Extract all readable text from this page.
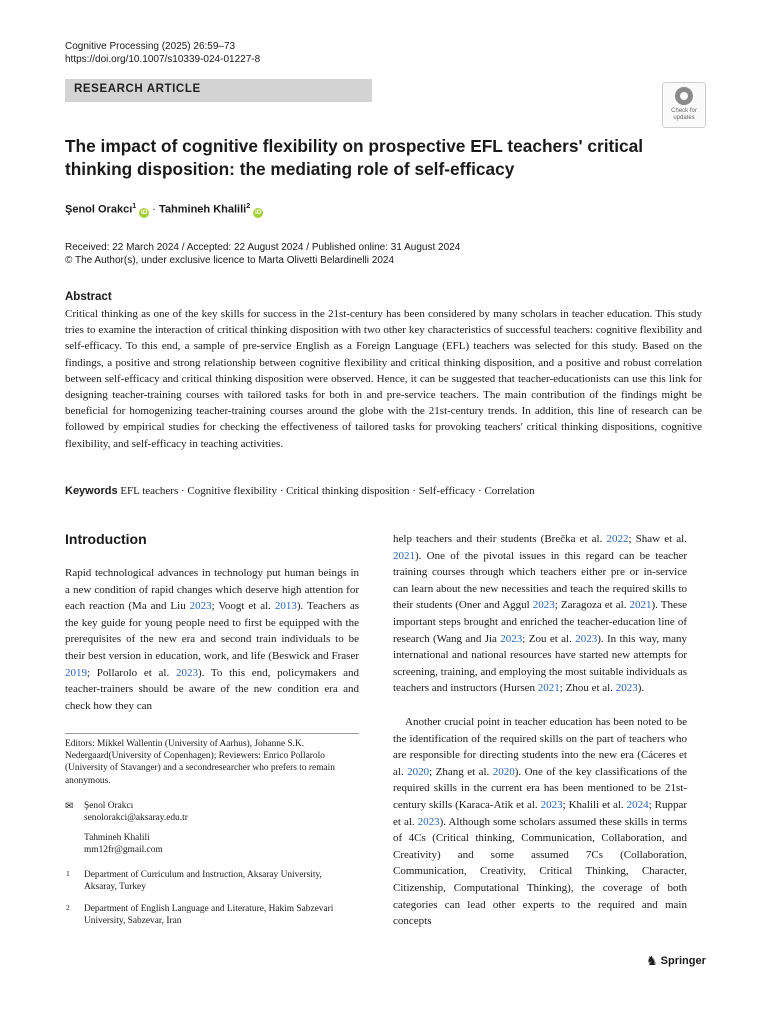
Cognitive Processing (2025) 26:59–73
https://doi.org/10.1007/s10339-024-01227-8
RESEARCH ARTICLE
Check for
updates
The impact of cognitive flexibility on prospective EFL teachers' critical thinking disposition: the mediating role of self-efficacy
Şenol Orakcı$^1$ iD · Tahmineh Khalili$^2$ iD
Received: 22 March 2024 / Accepted: 22 August 2024 / Published online: 31 August 2024
© The Author(s), under exclusive licence to Marta Olivetti Belardinelli 2024
Abstract

Critical thinking as one of the key skills for success in the 21st-century has been considered by many scholars in teacher education. This study tries to examine the interaction of critical thinking disposition with two other key characteristics of successful teachers: cognitive flexibility and self-efficacy. To this end, a sample of pre-service English as a Foreign Language (EFL) teachers was selected for this study. Based on the findings, a positive and strong relationship between cognitive flexibility and critical thinking disposition, and a positive and robust correlation between self-efficacy and critical thinking disposition were observed. Hence, it can be suggested that teacher-educationists can use this link for designing teacher-training courses with tailored tasks for both in and pre-service teachers. The main contribution of the findings might be beneficial for homogenizing teacher-training courses around the globe with the 21st-century trends. In addition, this line of research can be followed by empirical studies for checking the effectiveness of tailored tasks for provoking teachers' critical thinking dispositions, cognitive flexibility, and self-efficacy in teaching activities.

Keywords EFL teachers · Cognitive flexibility · Critical thinking disposition · Self-efficacy · Correlation
Introduction

Rapid technological advances in technology put human beings in a new condition of rapid changes which deserve high attention for each reaction (Ma and Liu 2023; Voogt et al. 2013). Teachers as the key guide for young people need to first be equipped with the prerequisites of the new era and second train individuals to be their best version in education, work, and life (Beswick and Fraser 2019; Pollarolo et al. 2023). To this end, policymakers and teacher-trainers should be aware of the new condition era and check how they can

help teachers and their students (Brečka et al. 2022; Shaw et al. 2021). One of the pivotal issues in this regard can be teacher training courses through which teachers either pre or in-service can learn about the new necessities and teach the required skills to their students (Oner and Aggul 2023; Zaragoza et al. 2021). These important steps brought and enriched the teacher-education line of research (Wang and Jia 2023; Zou et al. 2023). In this way, many international and national resources have started new attempts for screening, training, and employing the most suitable individuals as teachers and instructors (Hursen 2021; Zhou et al. 2023).

Another crucial point in teacher education has been noted to be the identification of the required skills on the part of teachers who are responsible for directing students into the new era (Cáceres et al. 2020; Zhang et al. 2020). One of the key classifications of the required skills in the current era has been mentioned to be 21st-century skills (Karaca-Atik et al. 2023; Khalili et al. 2024; Ruppar et al. 2023). Although some scholars assumed these skills in terms of 4Cs (Critical thinking, Communication, Collaboration, and Creativity) and some assumed 7Cs (Collaboration, Communication, Creativity, Critical Thinking, Character, Citizenship, Computational Thinking), the coverage of both categories can lead other experts to the required and main concepts

Editors: Mikkel Wallentin (University of Aarhus), Johanne S.K. Nedergaard(University of Copenhagen); Reviewers: Enrico Pollarolo (University of Stavanger) and a secondresearcher who prefers to remain anonymous.

✉ Şenol Orakcı
senolorakci@aksaray.edu.tr
Tahmineh Khalili
mm12fr@gmail.com
1 Department of Curriculum and Instruction, Aksaray University, Aksaray, Turkey

2 Department of English Language and Literature, Hakim Sabzevari University, Sabzevar, Iran

♞ Springer
